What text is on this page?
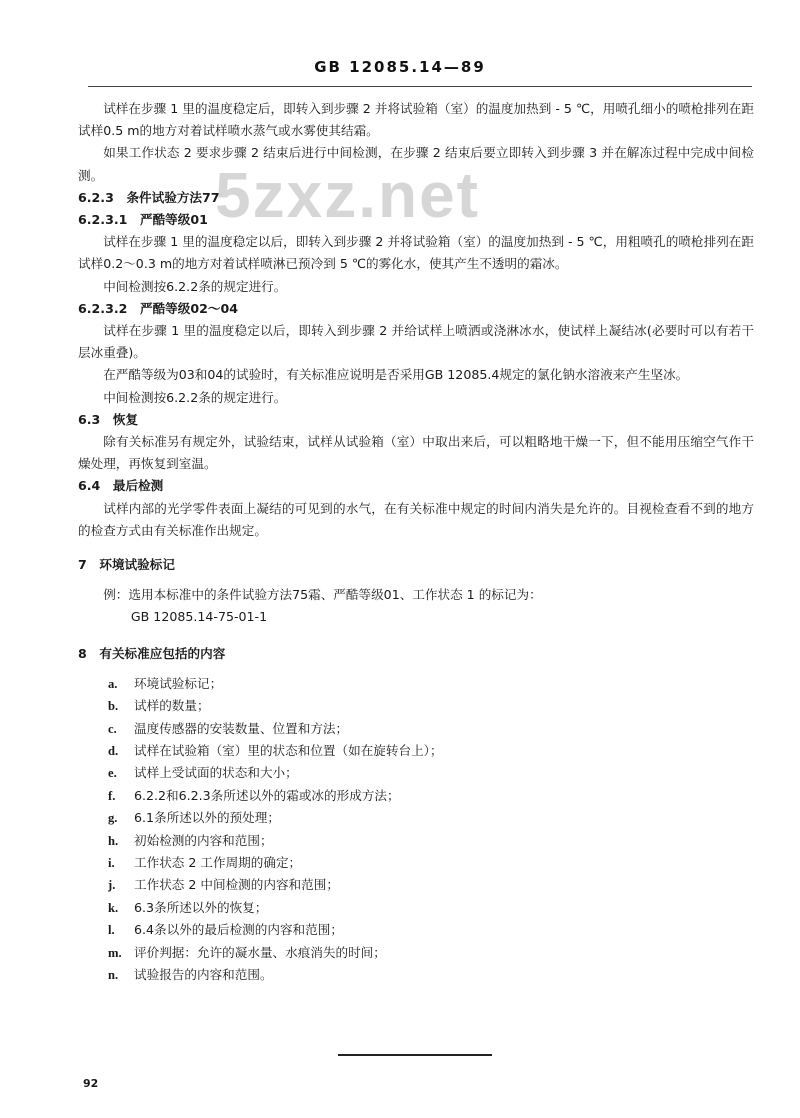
GB 12085.14—89
5zxz.net
试样在步骤 1 里的温度稳定后，即转入到步骤 2 并将试验箱（室）的温度加热到 - 5 ℃，用喷孔细小的喷枪排列在距试样0.5 m的地方对着试样喷水蒸气或水雾使其结霜。
如果工作状态 2 要求步骤 2 结束后进行中间检测，在步骤 2 结束后要立即转入到步骤 3 并在解冻过程中完成中间检测。
6.2.3　条件试验方法77
6.2.3.1　严酷等级01
试样在步骤 1 里的温度稳定以后，即转入到步骤 2 并将试验箱（室）的温度加热到 - 5 ℃，用粗喷孔的喷枪排列在距试样0.2～0.3 m的地方对着试样喷淋已预冷到 5 ℃的雾化水，使其产生不透明的霜冰。
中间检测按6.2.2条的规定进行。
6.2.3.2　严酷等级02～04
试样在步骤 1 里的温度稳定以后，即转入到步骤 2 并给试样上喷洒或浇淋冰水，使试样上凝结冰(必要时可以有若干层冰重叠)。
在严酷等级为03和04的试验时，有关标准应说明是否采用GB 12085.4规定的氯化钠水溶液来产生坚冰。
中间检测按6.2.2条的规定进行。
6.3　恢复
除有关标准另有规定外，试验结束，试样从试验箱（室）中取出来后，可以粗略地干燥一下，但不能用压缩空气作干燥处理，再恢复到室温。
6.4　最后检测
试样内部的光学零件表面上凝结的可见到的水气，在有关标准中规定的时间内消失是允许的。目视检查看不到的地方的检查方式由有关标准作出规定。
7　环境试验标记
例：选用本标准中的条件试验方法75霜、严酷等级01、工作状态 1 的标记为：
GB 12085.14-75-01-1
8　有关标准应包括的内容
a. 环境试验标记；
b. 试样的数量；
c. 温度传感器的安装数量、位置和方法；
d. 试样在试验箱（室）里的状态和位置（如在旋转台上）；
e. 试样上受试面的状态和大小；
f. 6.2.2和6.2.3条所述以外的霜或冰的形成方法；
g. 6.1条所述以外的预处理；
h. 初始检测的内容和范围；
i. 工作状态 2 工作周期的确定；
j. 工作状态 2 中间检测的内容和范围；
k. 6.3条所述以外的恢复；
l. 6.4条以外的最后检测的内容和范围；
m. 评价判据：允许的凝水量、水痕消失的时间；
n. 试验报告的内容和范围。
92
